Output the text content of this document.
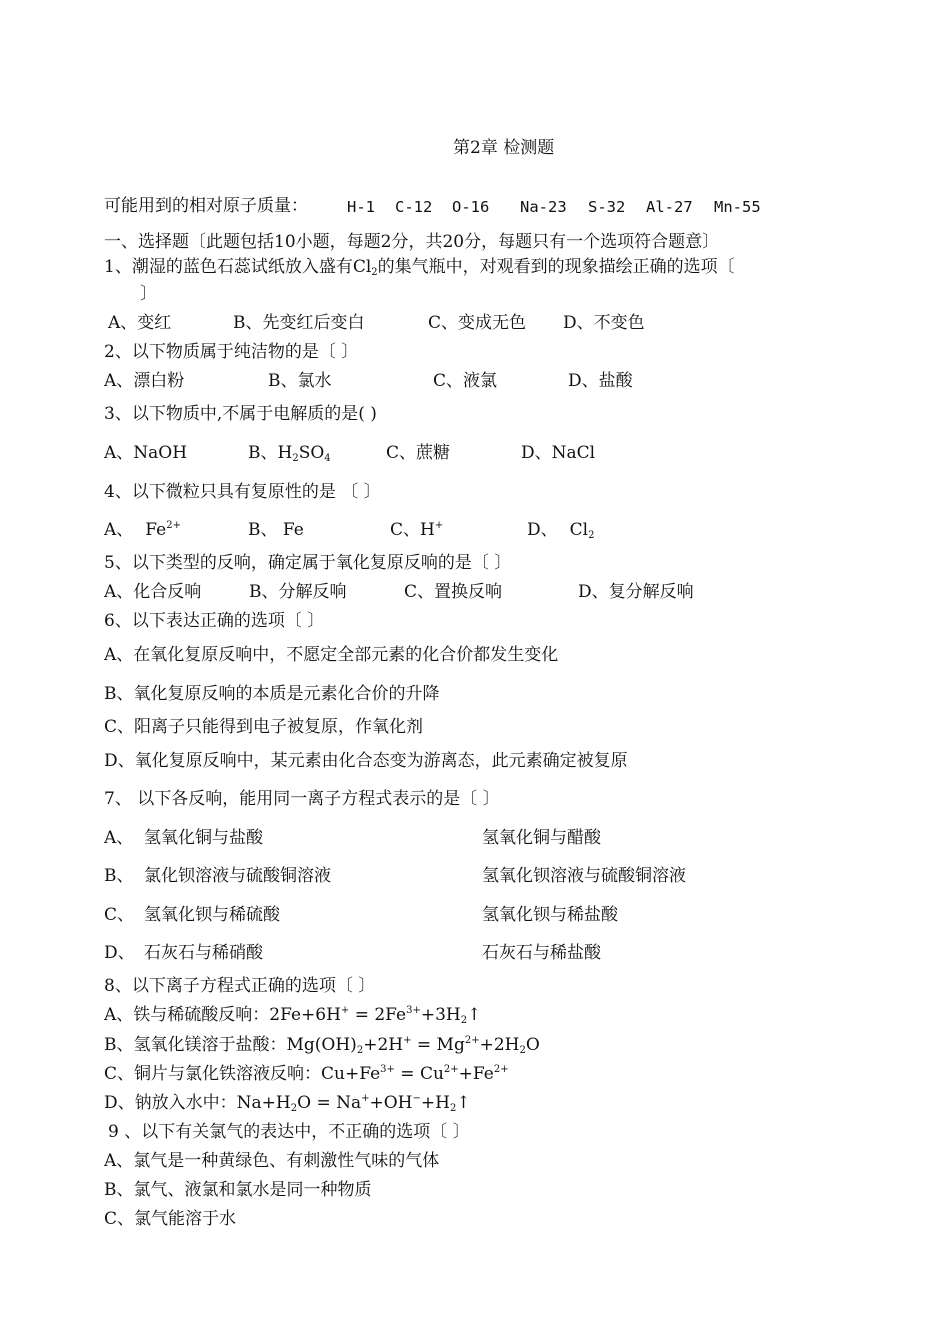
第2章 检测题
可能用到的相对原子质量：	H-1 C-12 O-16 Na-23 S-32 Al-27 Mn-55
一、选择题〔此题包括10小题，每题2分，共20分，每题只有一个选项符合题意〕
1、潮湿的蓝色石蕊试纸放入盛有$Cl_2$的集气瓶中，对观看到的现象描绘正确的选项〔
〕
A、变红	B、先变红后变白	C、变成无色 D、不变色
2、以下物质属于纯洁物的是〔 〕
A、漂白粉	B、氯水	C、液氯	D、盐酸
3、以下物质中,不属于电解质的是( )
A、NaOH	B、$H_2SO_4$	C、蔗糖	D、NaCl
4、以下微粒只具有复原性的是 〔 〕
A、 $Fe^{2+}$	B、 Fe	C、H+	D、 $Cl_2$
5、以下类型的反响，确定属于氧化复原反响的是〔 〕
A、化合反响	B、分解反响	C、置换反响	D、复分解反响
6、以下表达正确的选项〔 〕
A、在氧化复原反响中，不愿定全部元素的化合价都发生变化
B、氧化复原反响的本质是元素化合价的升降
C、阳离子只能得到电子被复原，作氧化剂
D、氧化复原反响中，某元素由化合态变为游离态，此元素确定被复原
7、 以下各反响，能用同一离子方程式表示的是〔 〕
A、 氢氧化铜与盐酸	氢氧化铜与醋酸
B、 氯化钡溶液与硫酸铜溶液	氢氧化钡溶液与硫酸铜溶液
C、 氢氧化钡与稀硫酸	氢氧化钡与稀盐酸
D、 石灰石与稀硝酸	石灰石与稀盐酸
8、以下离子方程式正确的选项〔 〕
A、铁与稀硫酸反响：$2Fe+6H^+ = 2Fe^{3+}+3H_2↑$
B、氢氧化镁溶于盐酸：$Mg(OH)_2+2H^+ = Mg^{2+}+2H_2O$
C、铜片与氯化铁溶液反响：$Cu+Fe^{3+} = Cu^{2+}+Fe^{2+}$
D、钠放入水中：$Na+H_2O$ = $Na^++OH^-+H_2↑$
9 、以下有关氯气的表达中，不正确的选项〔 〕
A、氯气是一种黄绿色、有刺激性气味的气体
B、氯气、液氯和氯水是同一种物质
C、氯气能溶于水
